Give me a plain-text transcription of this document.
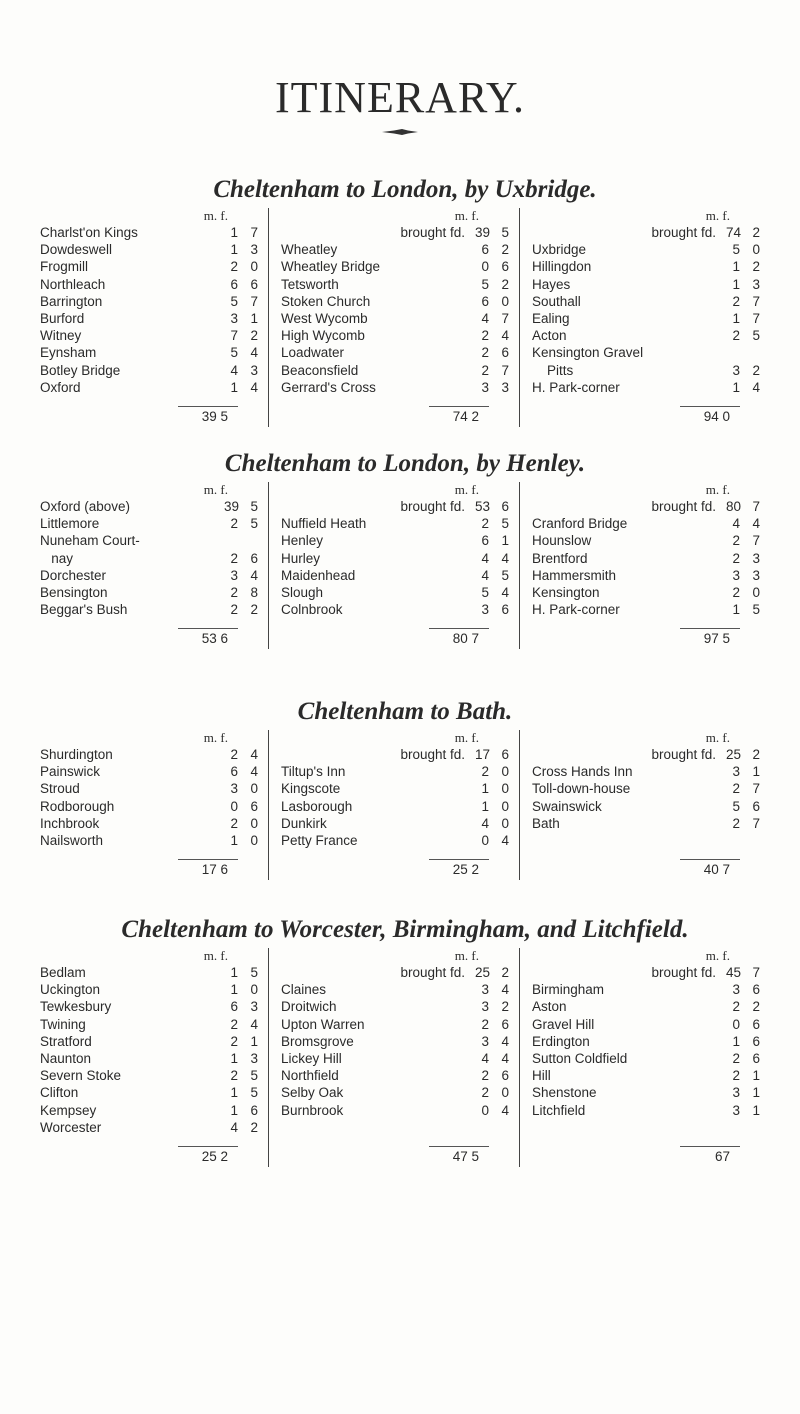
ITINERARY.
Cheltenham to London, by Uxbridge.
m. f.
Charlst'on Kings	1 7
Dowdeswell	1 3
Frogmill	2 0
Northleach	6 6
Barrington	5 7
Burford	3 1
Witney	7 2
Eynsham	5 4
Botley Bridge	4 3
Oxford	1 4
39 5
m. f.
brought fd. 39 5
Wheatley	6 2
Wheatley Bridge	0 6
Tetsworth	5 2
Stoken Church	6 0
West Wycomb	4 7
High Wycomb	2 4
Loadwater	2 6
Beaconsfield	2 7
Gerrard's Cross	3 3
74 2
m. f.
brought fd. 74 2
Uxbridge	5 0
Hillingdon	1 2
Hayes	1 3
Southall	2 7
Ealing	1 7
Acton	2 5
Kensington Gravel
Pitts	3 2
H. Park-corner	1 4
94 0
Cheltenham to London, by Henley.
m. f.
Oxford (above)	39 5
Littlemore	2 5
Nuneham Court-
nay	2 6
Dorchester	3 4
Bensington	2 8
Beggar's Bush	2 2
53 6
m. f.
brought fd. 53 6
Nuffield Heath	2 5
Henley	6 1
Hurley	4 4
Maidenhead	4 5
Slough	5 4
Colnbrook	3 6
80 7
m. f.
brought fd. 80 7
Cranford Bridge	4 4
Hounslow	2 7
Brentford	2 3
Hammersmith	3 3
Kensington	2 0
H. Park-corner	1 5
97 5
Cheltenham to Bath.
m. f.
Shurdington	2 4
Painswick	6 4
Stroud	3 0
Rodborough	0 6
Inchbrook	2 0
Nailsworth	1 0
17 6
m. f.
brought fd. 17 6
Tiltup's Inn	2 0
Kingscote	1 0
Lasborough	1 0
Dunkirk	4 0
Petty France	0 4
25 2
m. f.
brought fd. 25 2
Cross Hands Inn	3 1
Toll-down-house	2 7
Swainswick	5 6
Bath	2 7
40 7
Cheltenham to Worcester, Birmingham, and Litchfield.
m. f.
Bedlam	1 5
Uckington	1 0
Tewkesbury	6 3
Twining	2 4
Stratford	2 1
Naunton	1 3
Severn Stoke	2 5
Clifton	1 5
Kempsey	1 6
Worcester	4 2
25 2
m. f.
brought fd. 25 2
Claines	3 4
Droitwich	3 2
Upton Warren	2 6
Bromsgrove	3 4
Lickey Hill	4 4
Northfield	2 6
Selby Oak	2 0
Burnbrook	0 4
47 5
m. f.
brought fd. 45 7
Birmingham	3 6
Aston	2 2
Gravel Hill	0 6
Erdington	1 6
Sutton Coldfield	2 6
Hill	2 1
Shenstone	3 1
Litchfield	3 1
67
